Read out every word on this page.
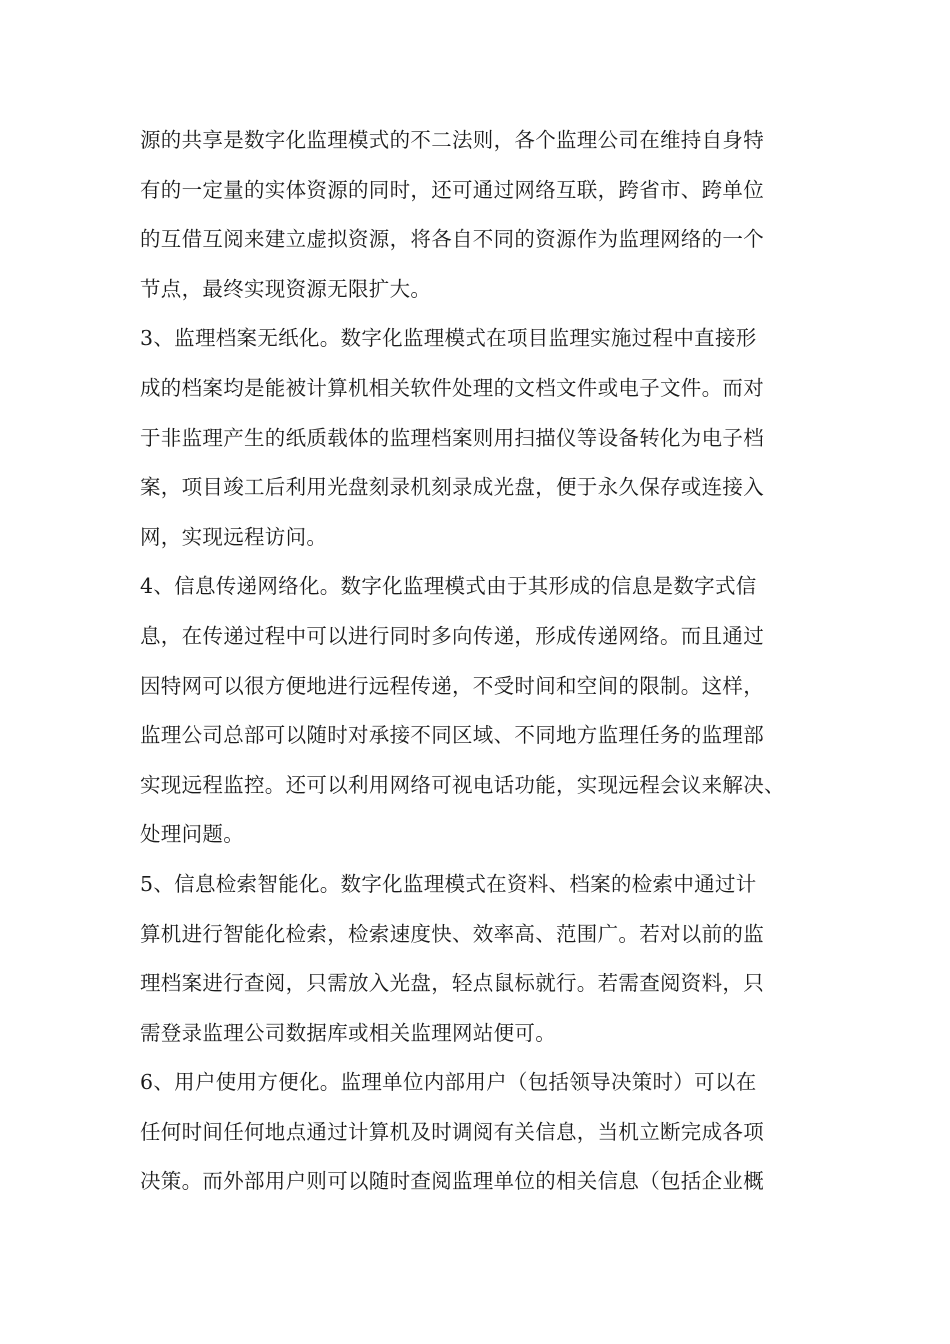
源的共享是数字化监理模式的不二法则，各个监理公司在维持自身特
有的一定量的实体资源的同时，还可通过网络互联，跨省市、跨单位
的互借互阅来建立虚拟资源，将各自不同的资源作为监理网络的一个
节点，最终实现资源无限扩大。
3、监理档案无纸化。数字化监理模式在项目监理实施过程中直接形
成的档案均是能被计算机相关软件处理的文档文件或电子文件。而对
于非监理产生的纸质载体的监理档案则用扫描仪等设备转化为电子档
案，项目竣工后利用光盘刻录机刻录成光盘，便于永久保存或连接入
网，实现远程访问。
4、信息传递网络化。数字化监理模式由于其形成的信息是数字式信
息，在传递过程中可以进行同时多向传递，形成传递网络。而且通过
因特网可以很方便地进行远程传递，不受时间和空间的限制。这样，
监理公司总部可以随时对承接不同区域、不同地方监理任务的监理部
实现远程监控。还可以利用网络可视电话功能，实现远程会议来解决、
处理问题。
5、信息检索智能化。数字化监理模式在资料、档案的检索中通过计
算机进行智能化检索，检索速度快、效率高、范围广。若对以前的监
理档案进行查阅，只需放入光盘，轻点鼠标就行。若需查阅资料，只
需登录监理公司数据库或相关监理网站便可。
6、用户使用方便化。监理单位内部用户（包括领导决策时）可以在
任何时间任何地点通过计算机及时调阅有关信息，当机立断完成各项
决策。而外部用户则可以随时查阅监理单位的相关信息（包括企业概
